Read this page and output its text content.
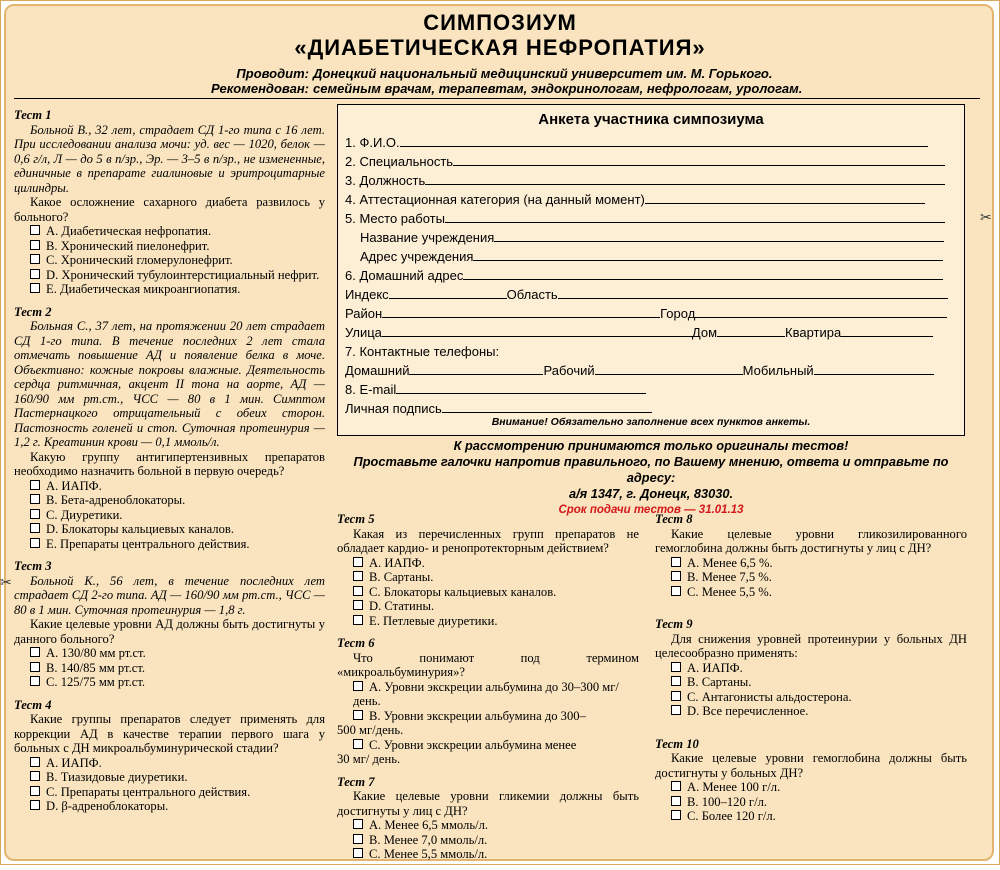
СИМПОЗИУМ
«ДИАБЕТИЧЕСКАЯ НЕФРОПАТИЯ»
Проводит: Донецкий национальный медицинский университет им. М. Горького.
Рекомендован: семейным врачам, терапевтам, эндокринологам, нефрологам, урологам.
✂
✂
Тест 1
Больной В., 32 лет, страдает СД 1-го типа с 16 лет. При исследовании анализа мочи: уд. вес — 1020, белок — 0,6 г/л, Л — до 5 в п/зр., Эр. — 3–5 в п/зр., не измененные, единичные в препарате гиалиновые и эритроцитарные цилиндры.
Какое осложнение сахарного диабета развилось у больного?
A. Диабетическая нефропатия.
B. Хронический пиелонефрит.
C. Хронический гломерулонефрит.
D. Хронический тубулоинтерстициальный нефрит.
E. Диабетическая микроангиопатия.
Тест 2
Больная С., 37 лет, на протяжении 20 лет страдает СД 1-го типа. В течение последних 2 лет стала отмечать повышение АД и появление белка в моче. Объективно: кожные покровы влажные. Деятельность сердца ритмичная, акцент II тона на аорте, АД — 160/90 мм рт.ст., ЧСС — 80 в 1 мин. Симптом Пастернацкого отрицательный с обеих сторон. Пастозность голеней и стоп. Суточная протеинурия — 1,2 г. Креатинин крови — 0,1 ммоль/л.
Какую группу антигипертензивных препаратов необходимо назначить больной в первую очередь?
A. ИАПФ.
B. Бета-адреноблокаторы.
C. Диуретики.
D. Блокаторы кальциевых каналов.
E. Препараты центрального действия.
Тест 3
Больной К., 56 лет, в течение последних лет страдает СД 2-го типа. АД — 160/90 мм рт.ст., ЧСС — 80 в 1 мин. Суточная протеинурия — 1,8 г.
Какие целевые уровни АД должны быть достигнуты у данного больного?
A. 130/80 мм рт.ст.
B. 140/85 мм рт.ст.
C. 125/75 мм рт.ст.
Тест 4
Какие группы препаратов следует применять для коррекции АД в качестве терапии первого шага у больных с ДН микроальбуминурической стадии?
A. ИАПФ.
B. Тиазидовые диуретики.
C. Препараты центрального действия.
D. β-адреноблокаторы.
Анкета участника симпозиума
1. Ф.И.О.
2. Специальность
3. Должность
4. Аттестационная категория (на данный момент)
5. Место работы
Название учреждения
Адрес учреждения
6. Домашний адрес
Индекс	Область
Район	Город
Улица	Дом	Квартира
7. Контактные телефоны:
Домашний	Рабочий	Мобильный
8. E-mail
Личная подпись
Внимание! Обязательно заполнение всех пунктов анкеты.
К рассмотрению принимаются только оригиналы тестов!
Проставьте галочки напротив правильного, по Вашему мнению, ответа и отправьте по адресу:
а/я 1347, г. Донецк, 83030.
Срок подачи тестов — 31.01.13
Тест 5
Какая из перечисленных групп препаратов не обладает кардио- и ренопротекторным действием?
A. ИАПФ.
B. Сартаны.
C. Блокаторы кальциевых каналов.
D. Статины.
E. Петлевые диуретики.
Тест 6
Что понимают под термином «микроальбуминурия»?
A. Уровни экскреции альбумина до 30–300 мг/день.
B. Уровни экскреции альбумина до 300–
500 мг/день.
C. Уровни экскреции альбумина менее
30 мг/ день.
Тест 7
Какие целевые уровни гликемии должны быть достигнуты у лиц с ДН?
A. Менее 6,5 ммоль/л.
B. Менее 7,0 ммоль/л.
C. Менее 5,5 ммоль/л.
Тест 8
Какие целевые уровни гликозилированного гемоглобина должны быть достигнуты у лиц с ДН?
A. Менее 6,5 %.
B. Менее 7,5 %.
C. Менее 5,5 %.
Тест 9
Для снижения уровней протеинурии у больных ДН целесообразно применять:
A. ИАПФ.
B. Сартаны.
C. Антагонисты альдостерона.
D. Все перечисленное.
Тест 10
Какие целевые уровни гемоглобина должны быть достигнуты у больных ДН?
A. Менее 100 г/л.
B. 100–120 г/л.
C. Более 120 г/л.
